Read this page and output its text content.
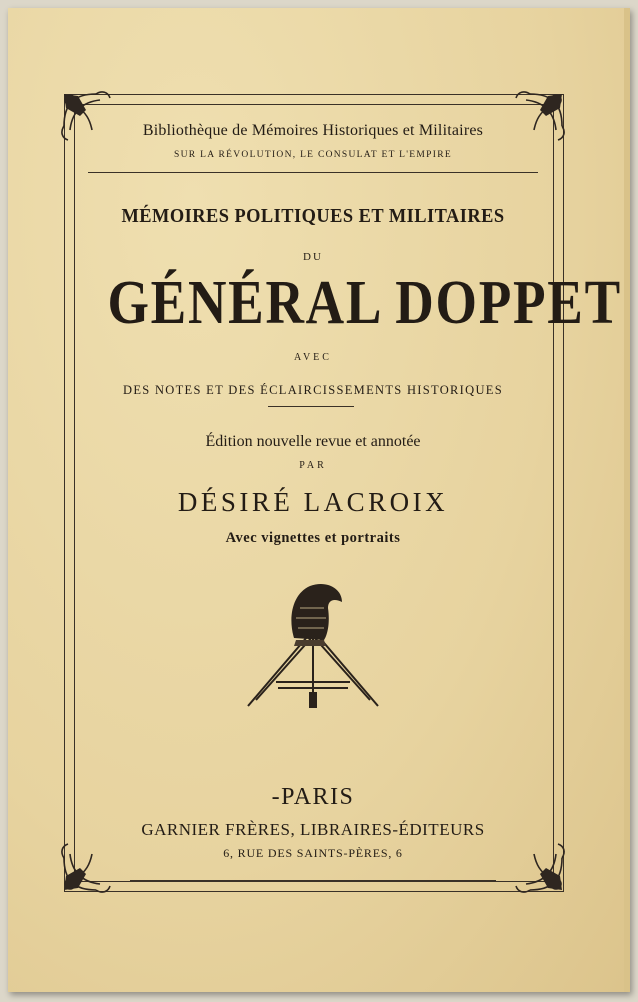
Bibliothèque de Mémoires Historiques et Militaires
SUR LA RÉVOLUTION, LE CONSULAT ET L'EMPIRE
MÉMOIRES POLITIQUES ET MILITAIRES
DU
GÉNÉRAL DOPPET
AVEC
DES NOTES ET DES ÉCLAIRCISSEMENTS HISTORIQUES
Édition nouvelle revue et annotée
PAR
DÉSIRÉ LACROIX
Avec vignettes et portraits
-PARIS
GARNIER FRÈRES, LIBRAIRES-ÉDITEURS
6, RUE DES SAINTS-PÈRES, 6
